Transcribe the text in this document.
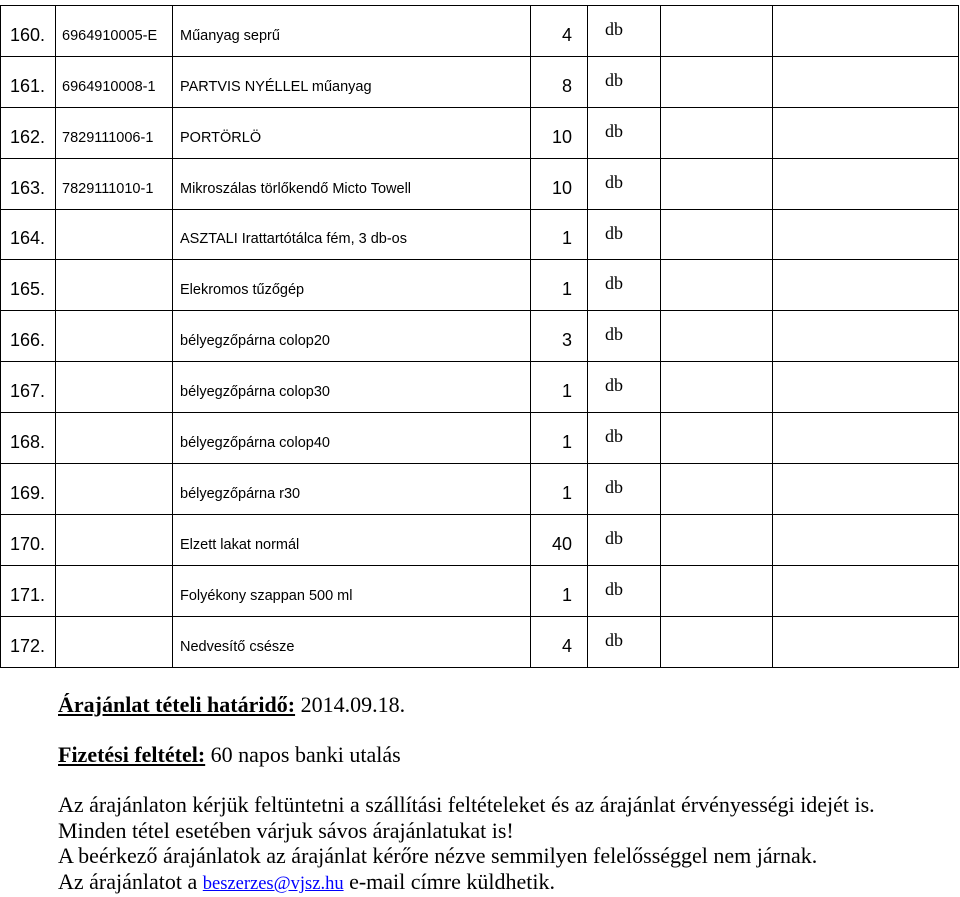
160. 6964910005-E Műanyag seprű	4 db
161. 6964910008-1 PARTVIS NYÉLLEL műanyag	8 db
162. 7829111006-1 PORTÖRLÖ	10 db
163. 7829111010-1 Mikroszálas törlőkendő Micto Towell	10 db
164.	ASZTALI Irattartótálca fém, 3 db-os	1 db
165.	Elekromos tűzőgép	1 db
166.	bélyegzőpárna colop20	3 db
167.	bélyegzőpárna colop30	1 db
168.	bélyegzőpárna colop40	1 db
169.	bélyegzőpárna r30	1 db
170.	Elzett lakat normál	40 db
171.	Folyékony szappan 500 ml	1 db
172.	Nedvesítő csésze	4 db
Árajánlat tételi határidő: 2014.09.18.
Fizetési feltétel: 60 napos banki utalás
Az árajánlaton kérjük feltüntetni a szállítási feltételeket és az árajánlat érvényességi idejét is.
Minden tétel esetében várjuk sávos árajánlatukat is!
A beérkező árajánlatok az árajánlat kérőre nézve semmilyen felelősséggel nem járnak.
Az árajánlatot a beszerzes@vjsz.hu e-mail címre küldhetik.
